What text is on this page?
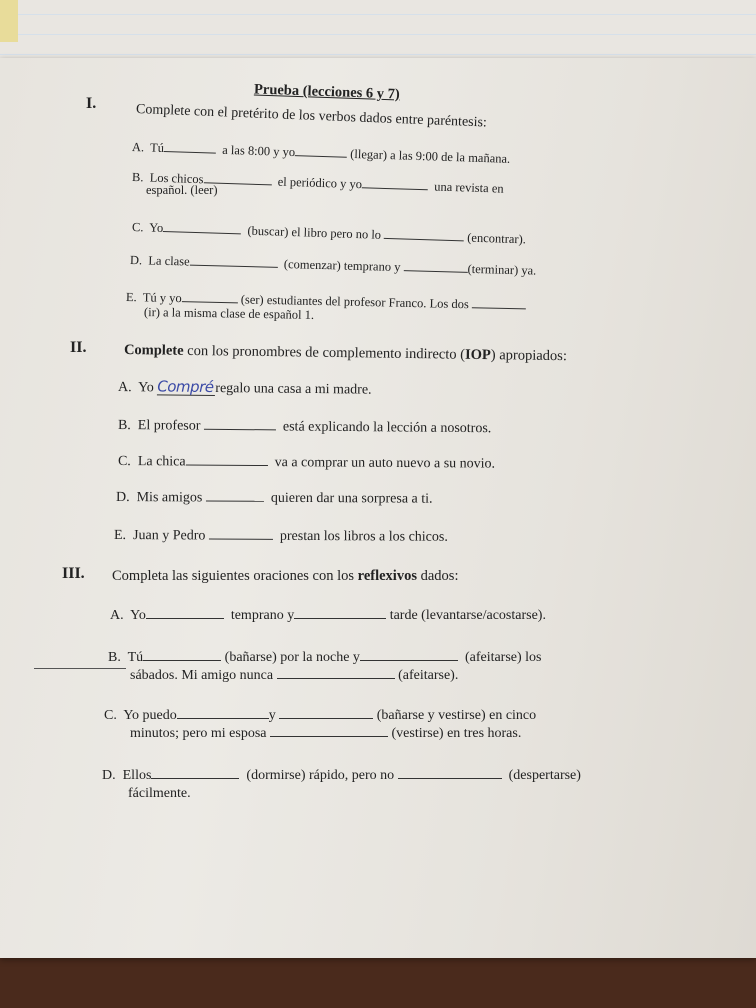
Prueba (lecciones 6 y 7)
I.	Complete con el pretérito de los verbos dados entre paréntesis:
A. Tú	a las 8:00 y yo	(llegar) a las 9:00 de la mañana.
B. Los chicos	el periódico y yo	una revista en
español. (leer)
C. Yo	(buscar) el libro pero no lo	(encontrar).
D. La clase	(comenzar) temprano y	(terminar) ya.
E. Tú y yo	(ser) estudiantes del profesor Franco. Los dos
(ir) a la misma clase de español 1.
II.	Complete con los pronombres de complemento indirecto (IOP) apropiados:
A. Yo Compré regalo una casa a mi madre.
B. El profesor	está explicando la lección a nosotros.
C. La chica	va a comprar un auto nuevo a su novio.
D. Mis amigos	quieren dar una sorpresa a ti.
E. Juan y Pedro	prestan los libros a los chicos.
III. Completa las siguientes oraciones con los reflexivos dados:
A. Yo	temprano y	tarde (levantarse/acostarse).
B. Tú	(bañarse) por la noche y	(afeitarse) los
sábados. Mi amigo nunca	(afeitarse).
C. Yo puedo	y	(bañarse y vestirse) en cinco
minutos; pero mi esposa	(vestirse) en tres horas.
D. Ellos	(dormirse) rápido, pero no	(despertarse)
fácilmente.
